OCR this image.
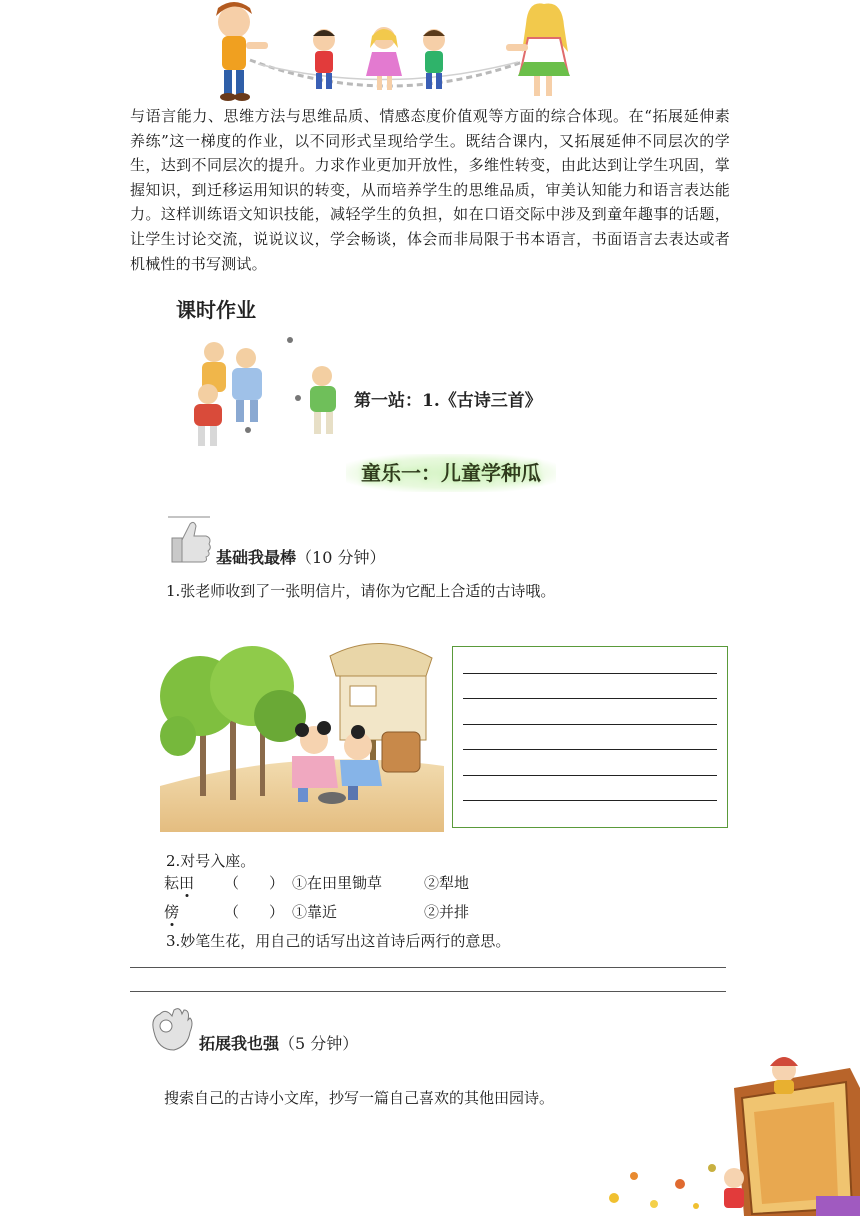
与语言能力、思维方法与思维品质、情感态度价值观等方面的综合体现。在“拓展延伸素养练”这一梯度的作业，以不同形式呈现给学生。既结合课内，又拓展延伸不同层次的学生，达到不同层次的提升。力求作业更加开放性，多维性转变，由此达到让学生巩固，掌握知识，到迁移运用知识的转变，从而培养学生的思维品质，审美认知能力和语言表达能力。这样训练语文知识技能，减轻学生的负担，如在口语交际中涉及到童年趣事的话题，让学生讨论交流，说说议议，学会畅谈，体会而非局限于书本语言，书面语言去表达或者机械性的书写测试。

课时作业
第一站：1.《古诗三首》
童乐一：儿童学种瓜
基础我最棒（10 分钟）
1.张老师收到了一张明信片，请你为它配上合适的古诗哦。
2.对号入座。
耘田 （　　） ①在田里锄草	②犁地
傍	（　　） ①靠近	②并排
3.妙笔生花，用自己的话写出这首诗后两行的意思。
拓展我也强（5 分钟）
搜索自己的古诗小文库，抄写一篇自己喜欢的其他田园诗。
